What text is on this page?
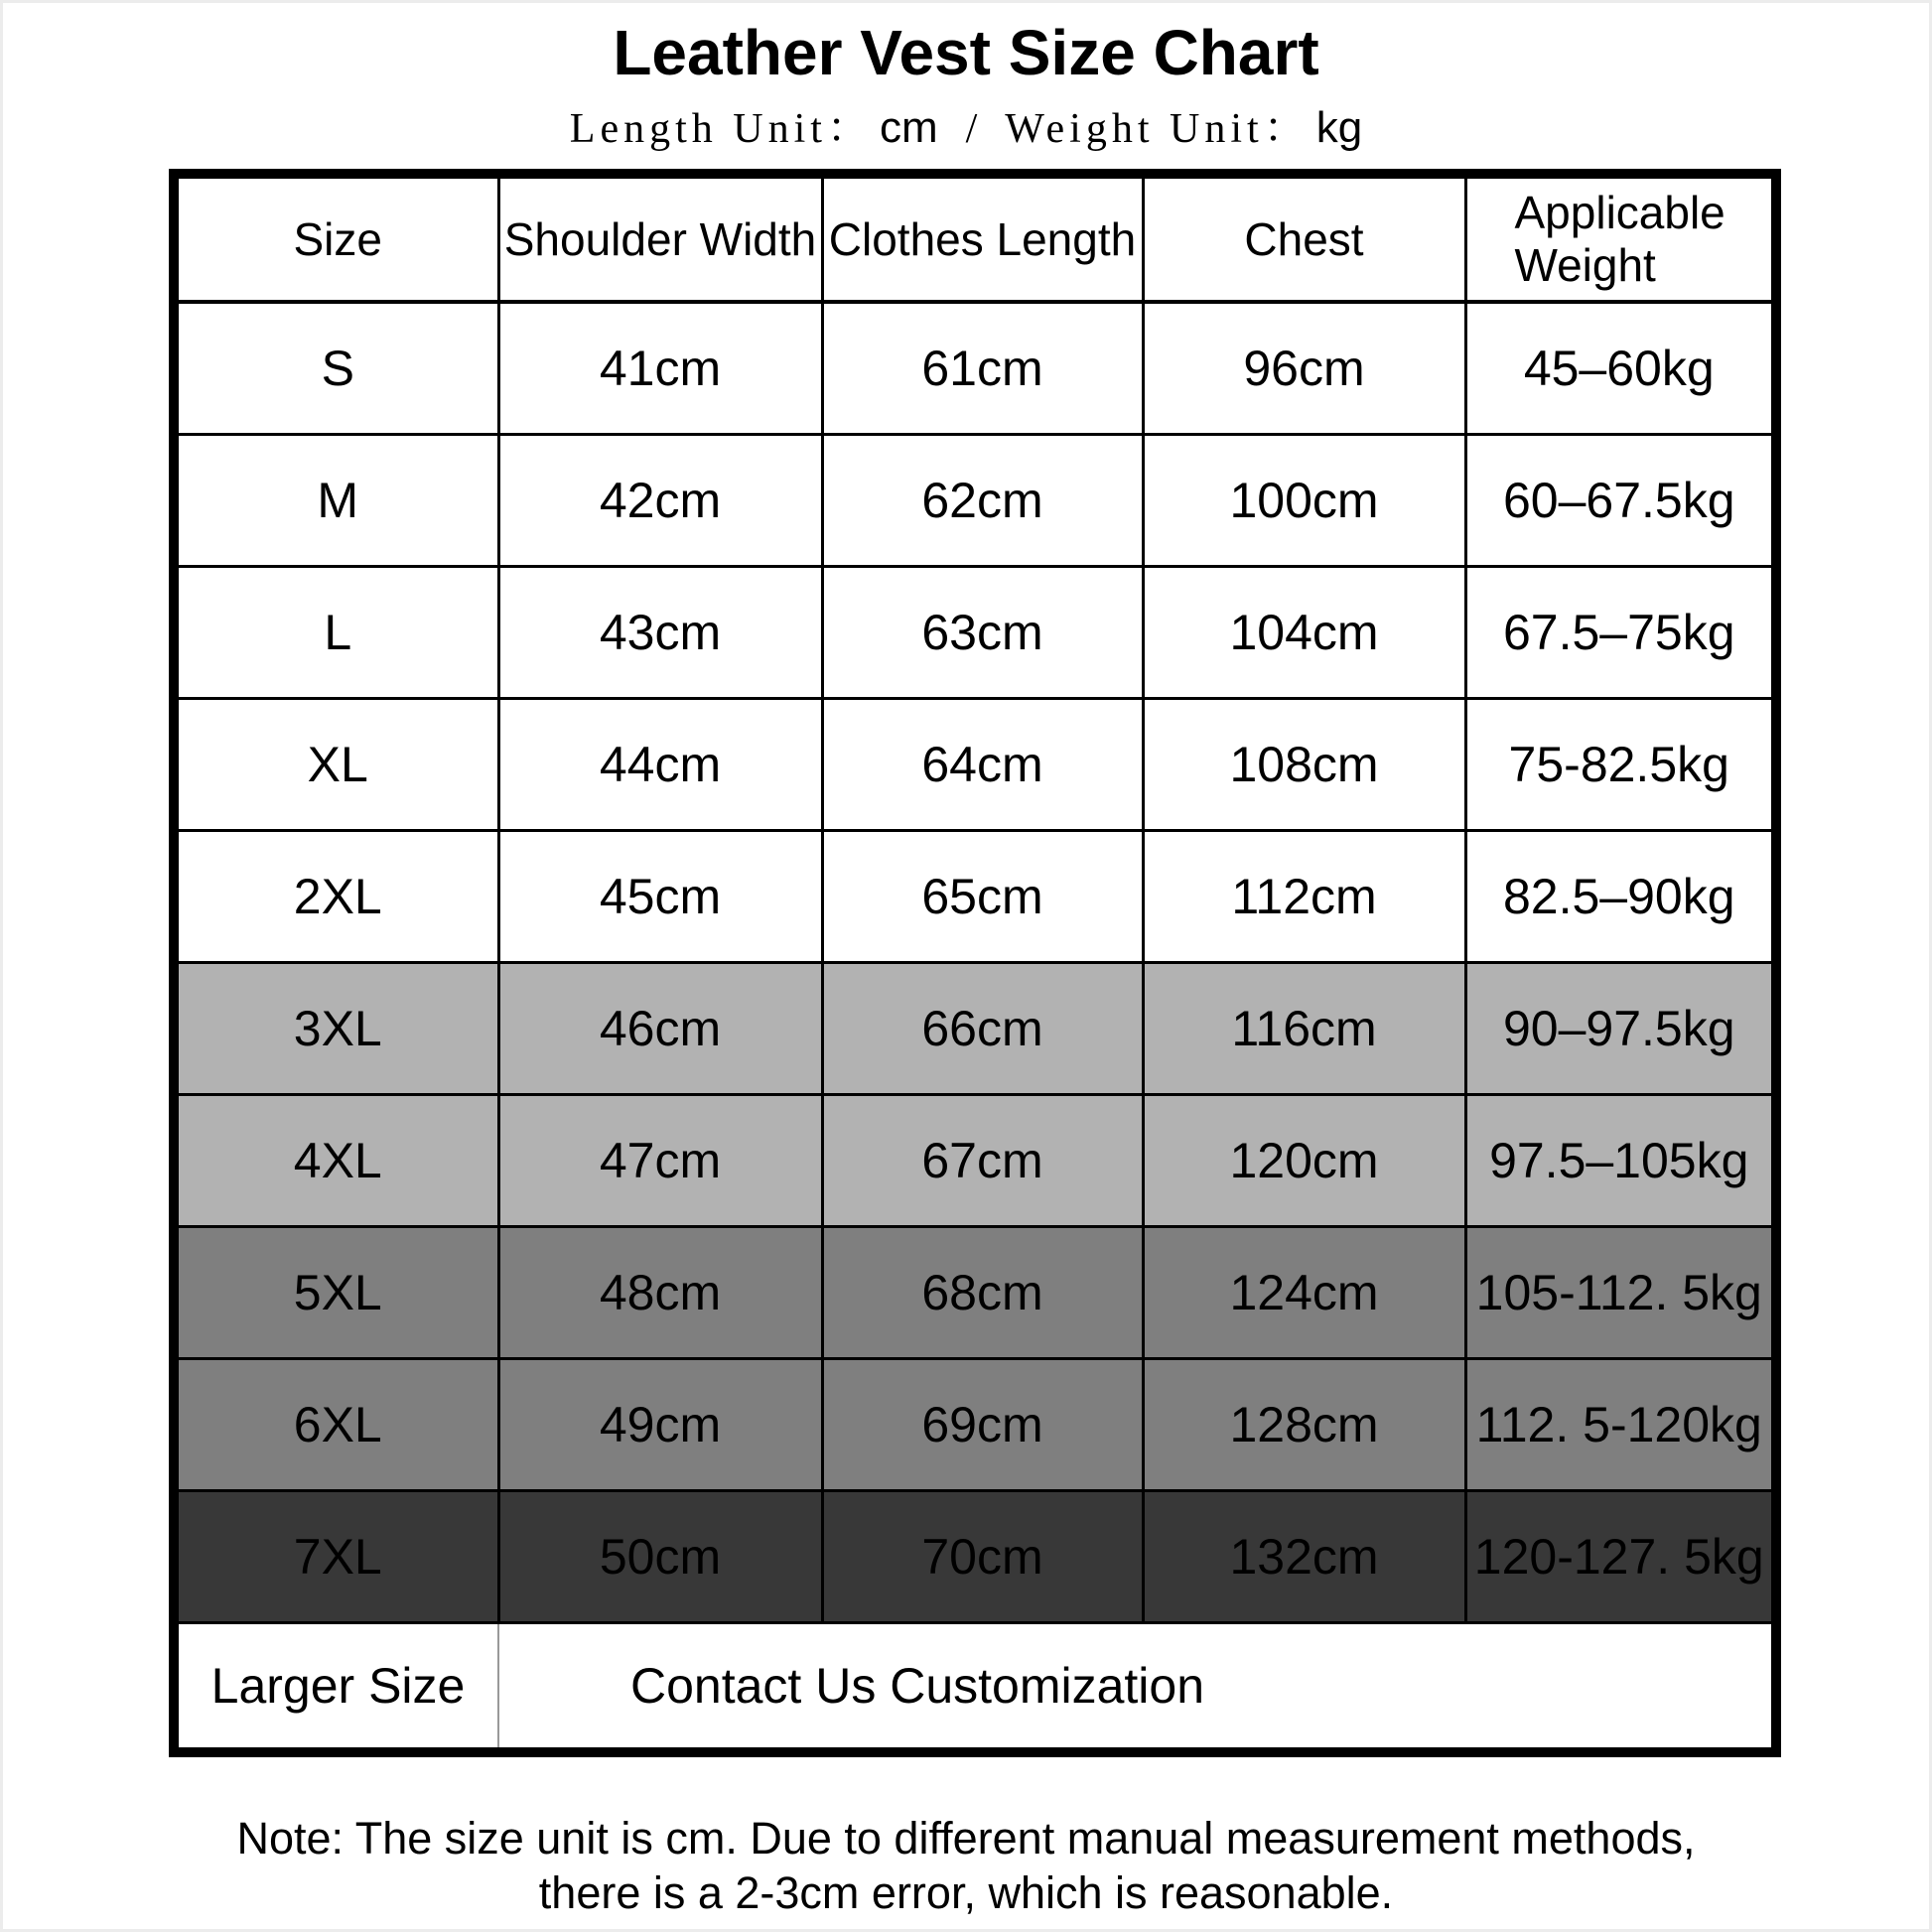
Leather Vest Size Chart
Length Unit： cm / Weight Unit： kg
Size	Shoulder Width	Clothes Length	Chest	Applicable Weight
S	41cm	61cm	96cm	45–60kg
M	42cm	62cm	100cm	60–67.5kg
L	43cm	63cm	104cm	67.5–75kg
XL	44cm	64cm	108cm	75-82.5kg
2XL	45cm	65cm	112cm	82.5–90kg
3XL	46cm	66cm	116cm	90–97.5kg
4XL	47cm	67cm	120cm	97.5–105kg
5XL	48cm	68cm	124cm	105-112. 5kg
6XL	49cm	69cm	128cm	112. 5-120kg
7XL	50cm	70cm	132cm	120-127. 5kg
Larger Size	Contact Us Customization			
Note: The size unit is cm. Due to different manual measurement methods,
there is a 2-3cm error, which is reasonable.
